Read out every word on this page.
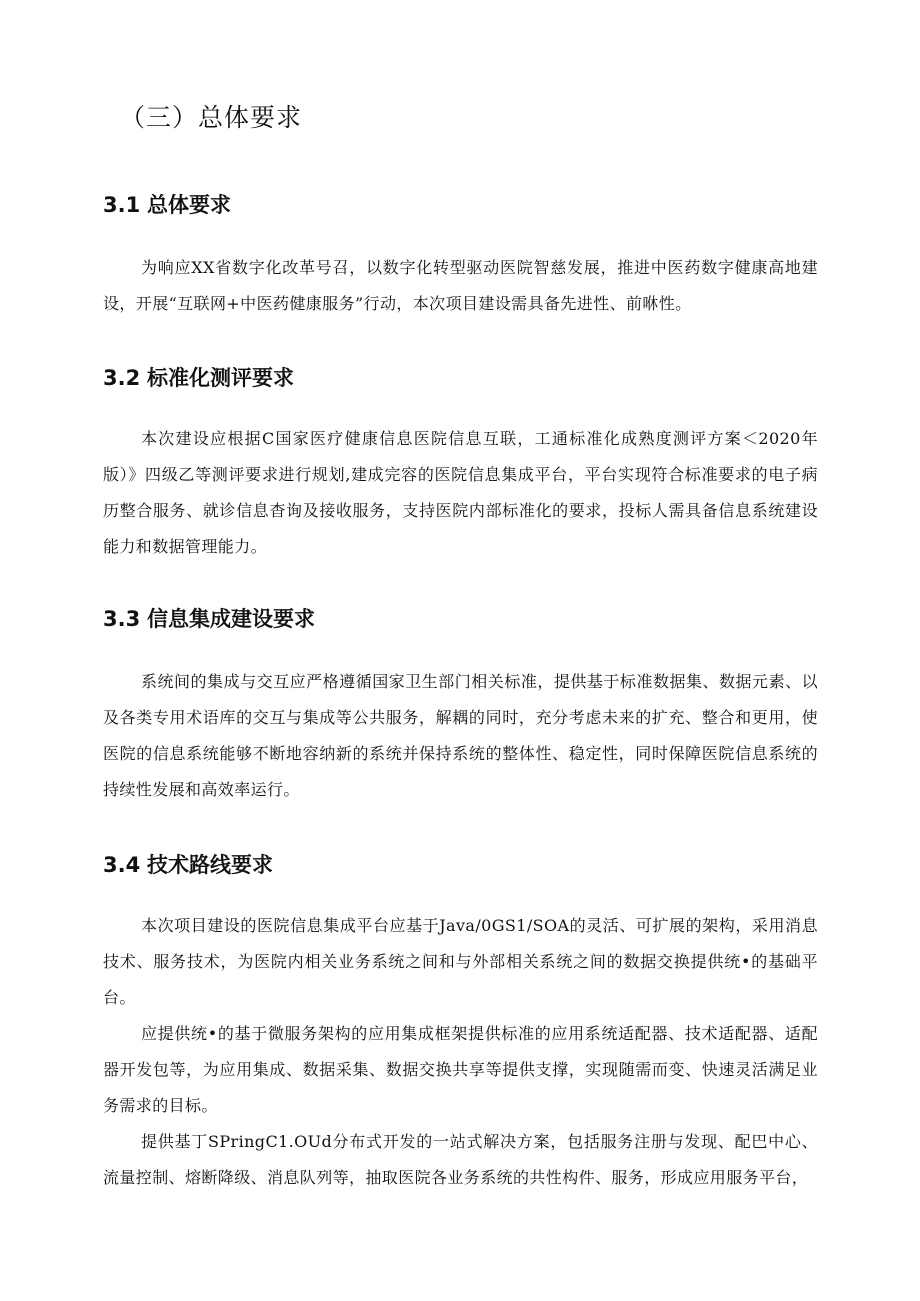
（三）总体要求
3.1 总体要求

为响应XX省数字化改革号召，以数字化转型驱动医院智慈发展，推进中医药数字健康高地建设，开展“互联网+中医药健康服务”行动，本次项目建设需具备先进性、前咻性。

3.2 标准化测评要求

本次建设应根据C国家医疗健康信息医院信息互联，工通标准化成熟度测评方案＜2020年版）》四级乙等测评要求进行规划,建成完容的医院信息集成平台，平台实现符合标准要求的电子病历整合服务、就诊信息杳询及接收服务，支持医院内部标准化的要求，投标人需具备信息系统建设能力和数据管理能力。

3.3 信息集成建设要求

系统间的集成与交互应严格遵循国家卫生部门相关标准，提供基于标准数据集、数据元素、以及各类专用术语库的交互与集成等公共服务，解耦的同时，充分考虑未来的扩充、整合和更用，使医院的信息系统能够不断地容纳新的系统并保持系统的整体性、稳定性，同时保障医院信息系统的持续性发展和高效率运行。

3.4 技术路线要求

本次项目建设的医院信息集成平台应基于Java/0GS1/SOA的灵活、可扩展的架构，采用消息技术、服务技术，为医院内相关业务系统之间和与外部相关系统之间的数据交换提供统•的基础平台。

应提供统•的基于微服务架构的应用集成框架提供标准的应用系统适配器、技术适配器、适配器开发包等，为应用集成、数据采集、数据交换共享等提供支撑，实现随需而变、快速灵活满足业务需求的目标。

提供基丁SPringC1.OUd分布式开发的一站式解决方案，包括服务注册与发现、配巴中心、流量控制、熔断降级、消息队列等，抽取医院各业务系统的共性构件、服务，形成应用服务平台，
